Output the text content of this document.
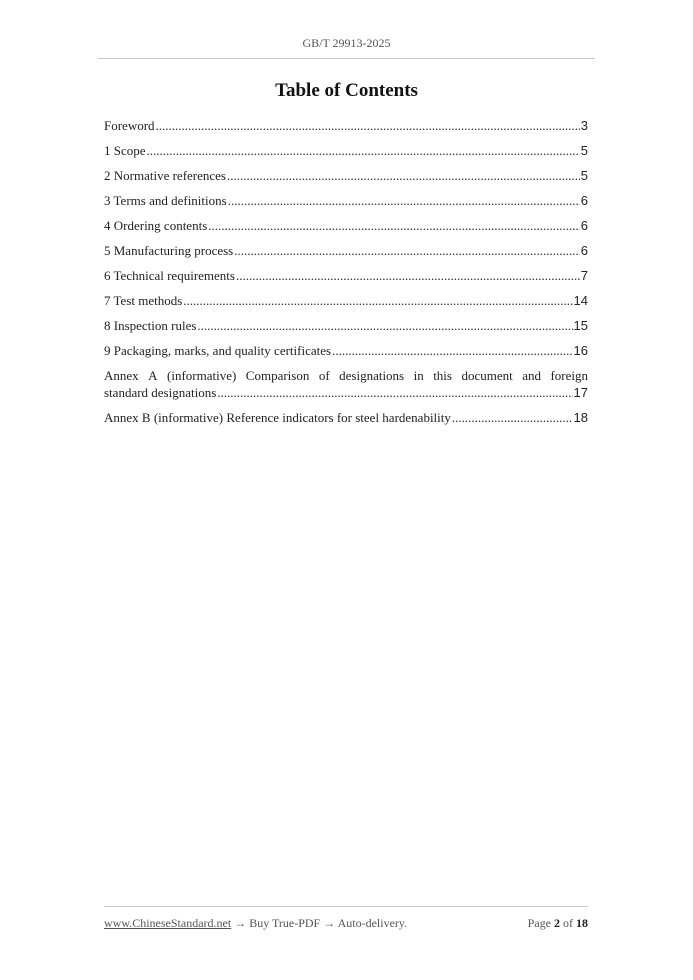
GB/T 29913-2025
Table of Contents
Foreword .....	3
1 Scope .....	5
2 Normative references .....	5
3 Terms and definitions .....	6
4 Ordering contents .....	6
5 Manufacturing process .....	6
6 Technical requirements .....	7
7 Test methods .....	14
8 Inspection rules .....	15
9 Packaging, marks, and quality certificates .....	16
Annex A (informative) Comparison of designations in this document and foreign
standard designations .....	17
Annex B (informative) Reference indicators for steel hardenability .....	18
www.ChineseStandard.net → Buy True-PDF → Auto-delivery.	Page 2 of 18
